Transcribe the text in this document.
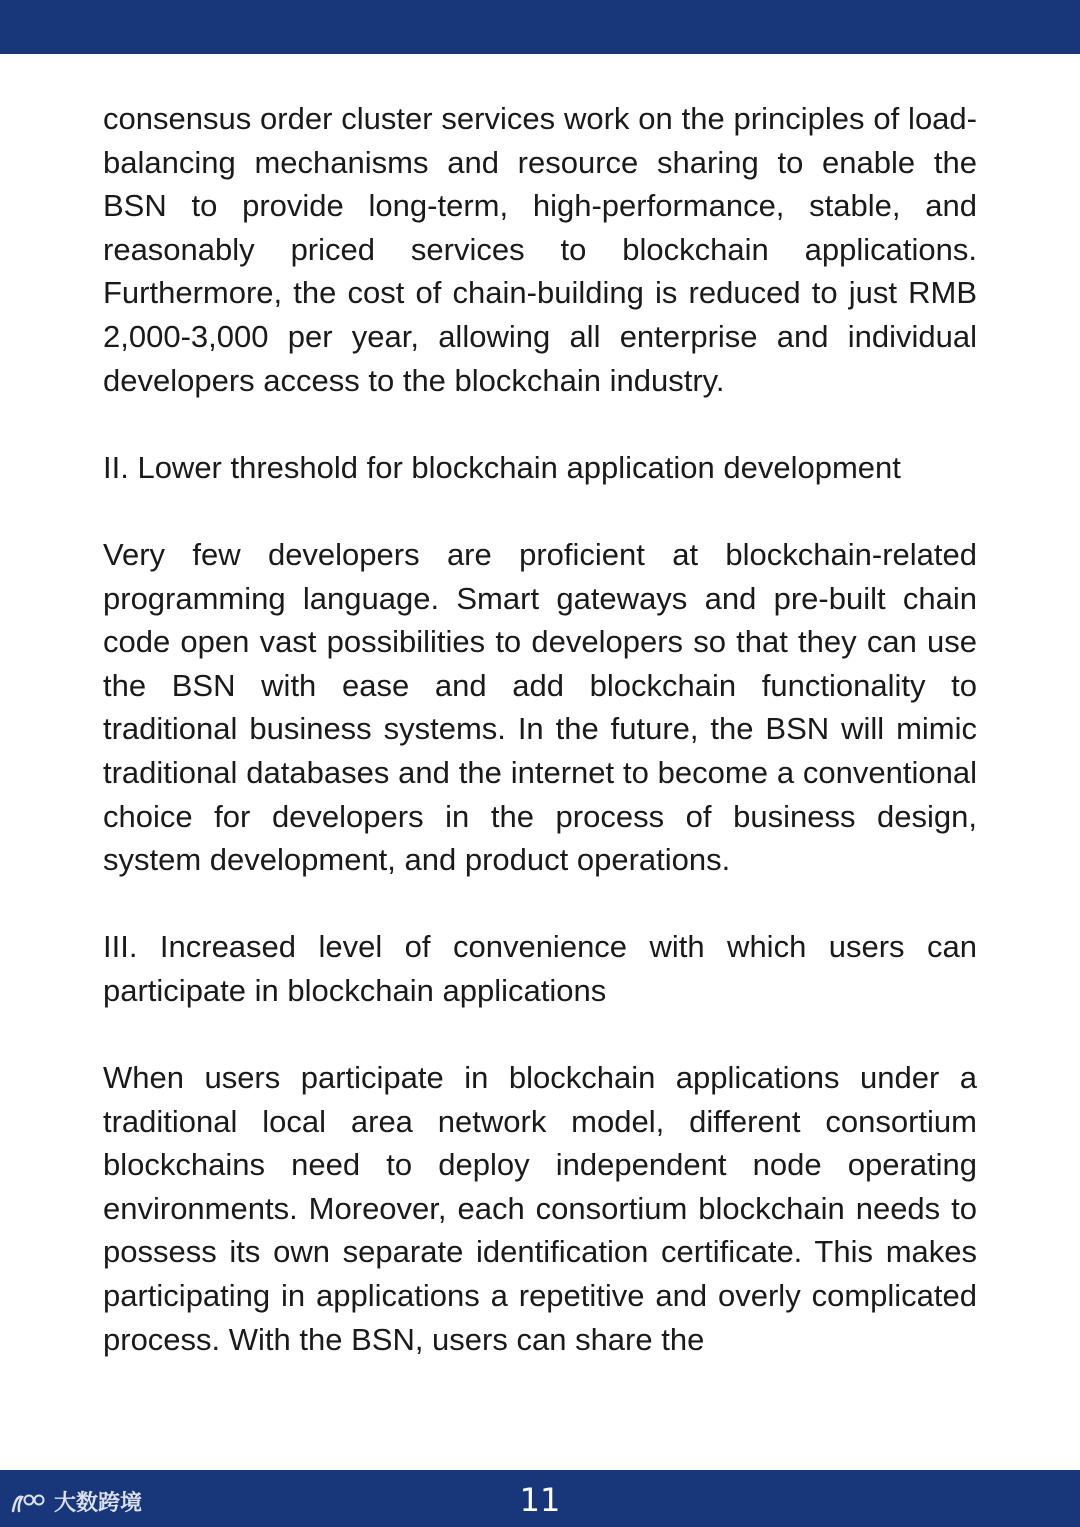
consensus order cluster services work on the principles of load-balancing mechanisms and resource sharing to enable the BSN to provide long-term, high-performance, stable, and reasonably priced services to blockchain applications. Furthermore, the cost of chain-building is reduced to just RMB 2,000-3,000 per year, allowing all enterprise and individual developers access to the blockchain industry.

II. Lower threshold for blockchain application development

Very few developers are proficient at blockchain-related programming language. Smart gateways and pre-built chain code open vast possibilities to developers so that they can use the BSN with ease and add blockchain functionality to traditional business systems. In the future, the BSN will mimic traditional databases and the internet to become a conventional choice for developers in the process of business design, system development, and product operations.

III. Increased level of convenience with which users can participate in blockchain applications

When users participate in blockchain applications under a traditional local area network model, different consortium blockchains need to deploy independent node operating environments. Moreover, each consortium blockchain needs to possess its own separate identification certificate. This makes participating in applications a repetitive and overly complicated process. With the BSN, users can share the

大数跨境	11
